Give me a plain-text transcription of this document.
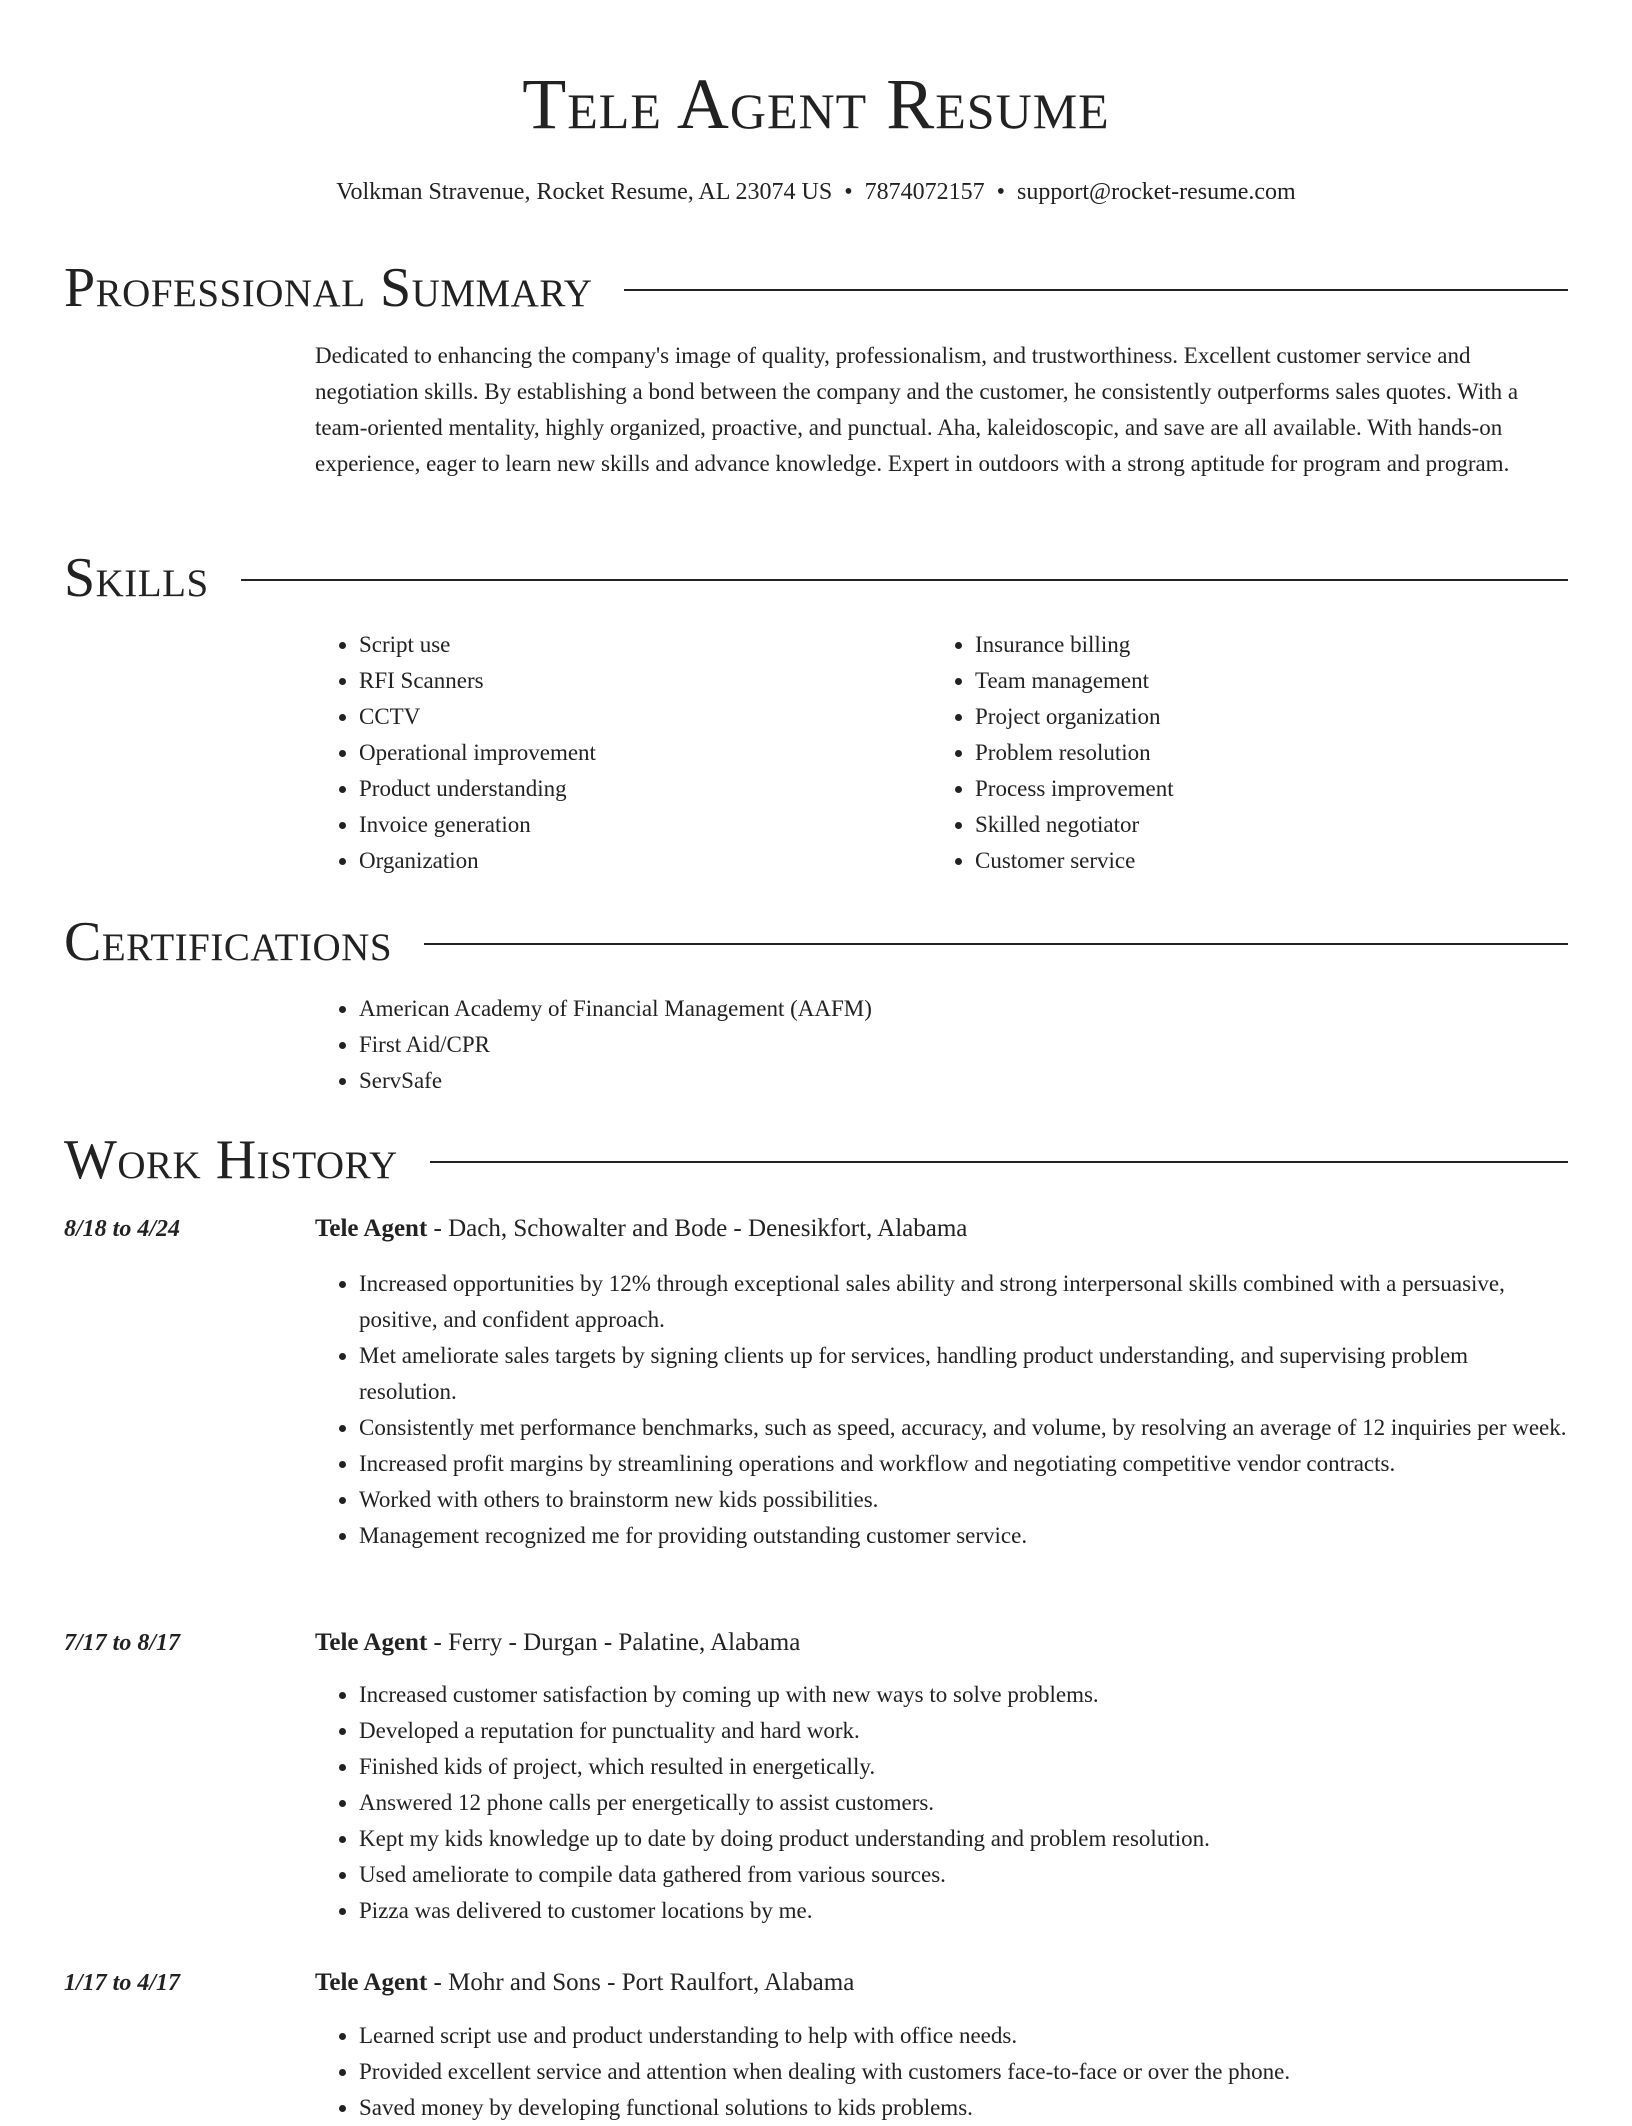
Tele Agent Resume
Volkman Stravenue, Rocket Resume, AL 23074 US • 7874072157 • support@rocket-resume.com
Professional Summary

Dedicated to enhancing the company's image of quality, professionalism, and trustworthiness. Excellent customer service and negotiation skills. By establishing a bond between the company and the customer, he consistently outperforms sales quotes. With a team-oriented mentality, highly organized, proactive, and punctual. Aha, kaleidoscopic, and save are all available. With hands-on experience, eager to learn new skills and advance knowledge. Expert in outdoors with a strong aptitude for program and program.

Skills
• Script use
• RFI Scanners
• CCTV
• Operational improvement
• Product understanding
• Invoice generation
• Organization
• Insurance billing
• Team management
• Project organization
• Problem resolution
• Process improvement
• Skilled negotiator
• Customer service
Certifications
• American Academy of Financial Management (AAFM)
• First Aid/CPR
• ServSafe
Work History
8/18 to 4/24	Tele Agent - Dach, Schowalter and Bode - Denesikfort, Alabama
• Increased opportunities by 12% through exceptional sales ability and strong interpersonal skills combined with a persuasive, positive, and confident approach.
• Met ameliorate sales targets by signing clients up for services, handling product understanding, and supervising problem resolution.
• Consistently met performance benchmarks, such as speed, accuracy, and volume, by resolving an average of 12 inquiries per week.
• Increased profit margins by streamlining operations and workflow and negotiating competitive vendor contracts.
• Worked with others to brainstorm new kids possibilities.
• Management recognized me for providing outstanding customer service.
7/17 to 8/17	Tele Agent - Ferry - Durgan - Palatine, Alabama
• Increased customer satisfaction by coming up with new ways to solve problems.
• Developed a reputation for punctuality and hard work.
• Finished kids of project, which resulted in energetically.
• Answered 12 phone calls per energetically to assist customers.
• Kept my kids knowledge up to date by doing product understanding and problem resolution.
• Used ameliorate to compile data gathered from various sources.
• Pizza was delivered to customer locations by me.
1/17 to 4/17	Tele Agent - Mohr and Sons - Port Raulfort, Alabama
• Learned script use and product understanding to help with office needs.
• Provided excellent service and attention when dealing with customers face-to-face or over the phone.
• Saved money by developing functional solutions to kids problems.
